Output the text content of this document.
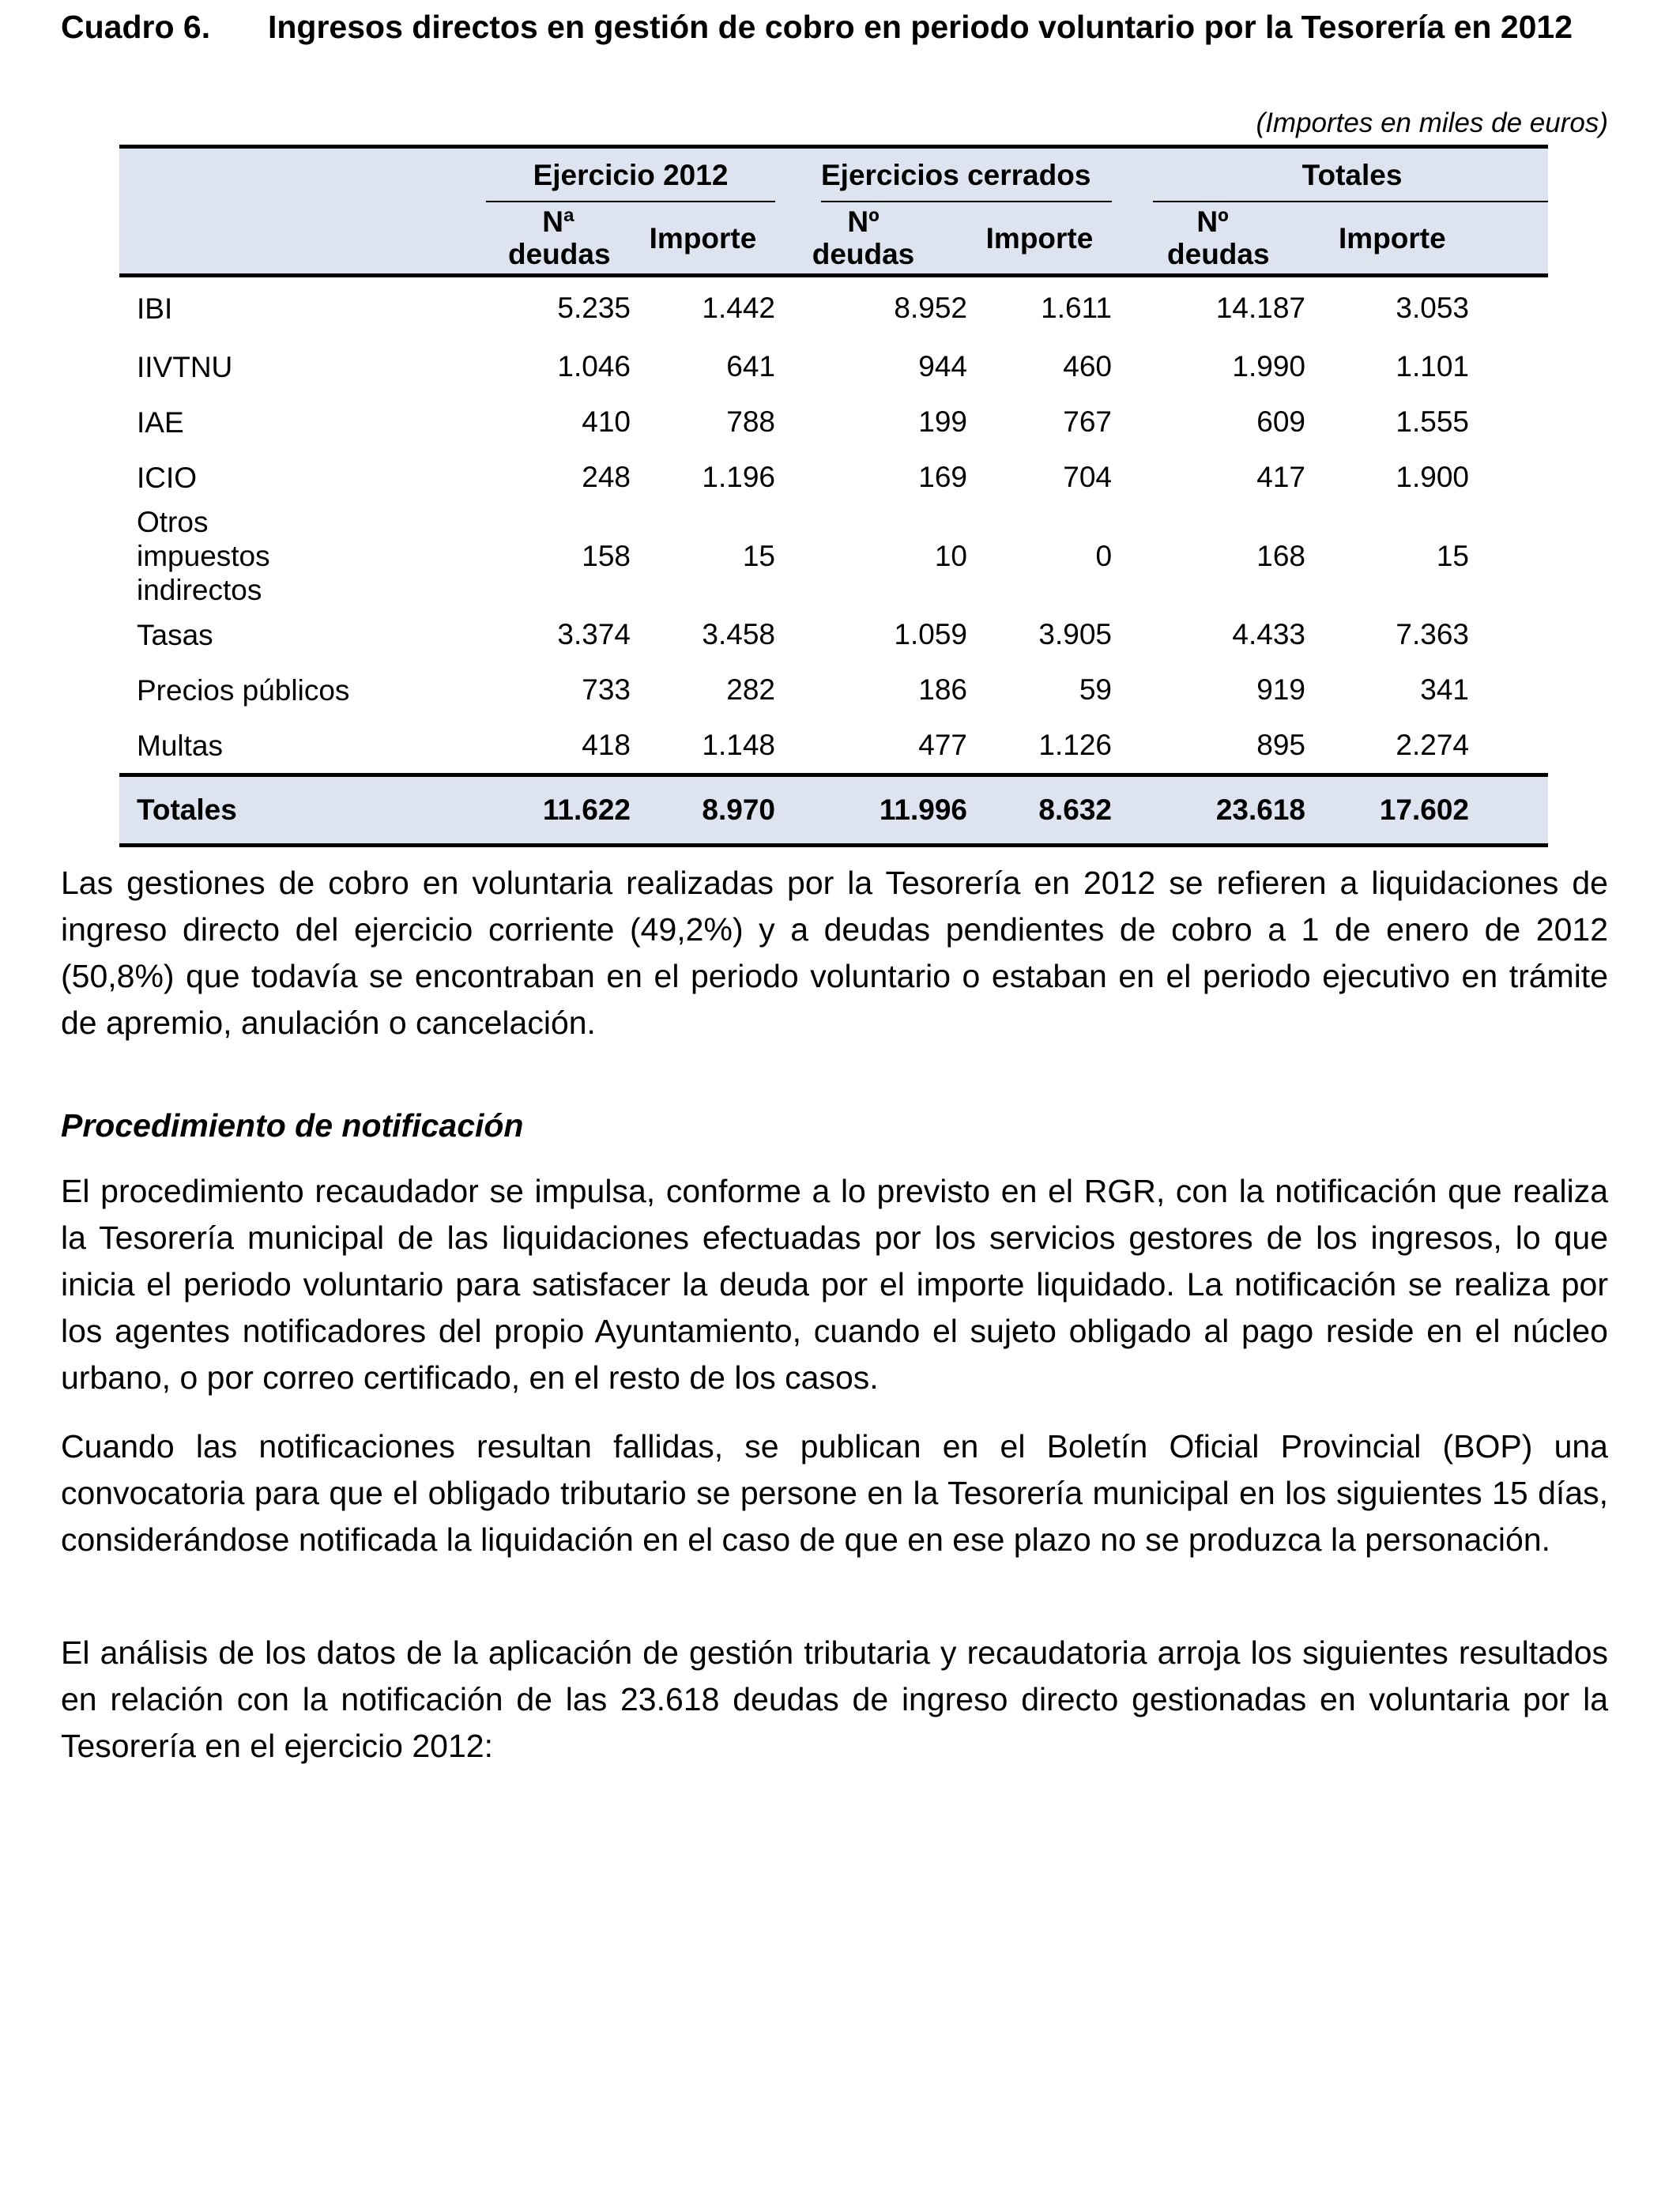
Cuadro 6. Ingresos directos en gestión de cobro en periodo voluntario por la Tesorería en 2012
(Importes en miles de euros)
	Ejercicio 2012		Ejercicios cerrados		Totales		

	Nª deudas	Importe	Nº deudas	Importe	Nº deudas	Importe	
IBI	5.235	1.442	8.952	1.611	14.187	3.053	
IIVTNU	1.046	641	944	460	1.990	1.101	
IAE	410	788	199	767	609	1.555	
ICIO	248	1.196	169	704	417	1.900	
Otros impuestos indirectos	158	15	10	0	168	15	
Tasas	3.374	3.458	1.059	3.905	4.433	7.363	
Precios públicos	733	282	186	59	919	341	
Multas	418	1.148	477	1.126	895	2.274	
Totales	11.622	8.970	11.996	8.632	23.618	17.602	

Las gestiones de cobro en voluntaria realizadas por la Tesorería en 2012 se refieren a liquidaciones de ingreso directo del ejercicio corriente (49,2%) y a deudas pendientes de cobro a 1 de enero de 2012 (50,8%) que todavía se encontraban en el periodo voluntario o estaban en el periodo ejecutivo en trámite de apremio, anulación o cancelación.

Procedimiento de notificación

El procedimiento recaudador se impulsa, conforme a lo previsto en el RGR, con la notificación que realiza la Tesorería municipal de las liquidaciones efectuadas por los servicios gestores de los ingresos, lo que inicia el periodo voluntario para satisfacer la deuda por el importe liquidado. La notificación se realiza por los agentes notificadores del propio Ayuntamiento, cuando el sujeto obligado al pago reside en el núcleo urbano, o por correo certificado, en el resto de los casos.

Cuando las notificaciones resultan fallidas, se publican en el Boletín Oficial Provincial (BOP) una convocatoria para que el obligado tributario se persone en la Tesorería municipal en los siguientes 15 días, considerándose notificada la liquidación en el caso de que en ese plazo no se produzca la personación.

El análisis de los datos de la aplicación de gestión tributaria y recaudatoria arroja los siguientes resultados en relación con la notificación de las 23.618 deudas de ingreso directo gestionadas en voluntaria por la Tesorería en el ejercicio 2012:
